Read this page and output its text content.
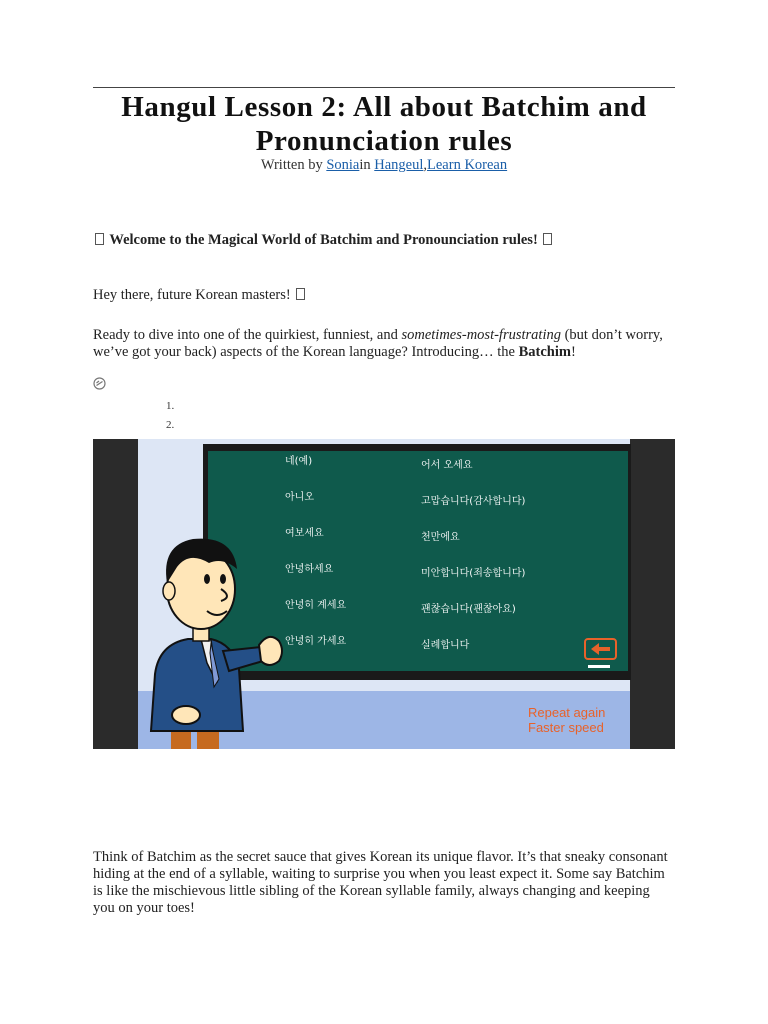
Hangul Lesson 2: All about Batchim and Pronunciation rules
Written by Soniain Hangeul,Learn Korean

Welcome to the Magical World of Batchim and Pronounciation rules!

Hey there, future Korean masters!

Ready to dive into one of the quirkiest, funniest, and sometimes-most-frustrating (but don’t worry, we’ve got your back) aspects of the Korean language? Introducing… the Batchim!

1.
2.
네(예)
아니오
여보세요
안녕하세요
안녕히 계세요
안녕히 가세요
어서 오세요
고맙습니다(감사합니다)
천만에요
미안합니다(죄송합니다)
괜찮습니다(괜찮아요)
실례합니다
Repeat again
Faster speed

Think of Batchim as the secret sauce that gives Korean its unique flavor. It’s that sneaky consonant hiding at the end of a syllable, waiting to surprise you when you least expect it. Some say Batchim is like the mischievous little sibling of the Korean syllable family, always changing and keeping you on your toes!
